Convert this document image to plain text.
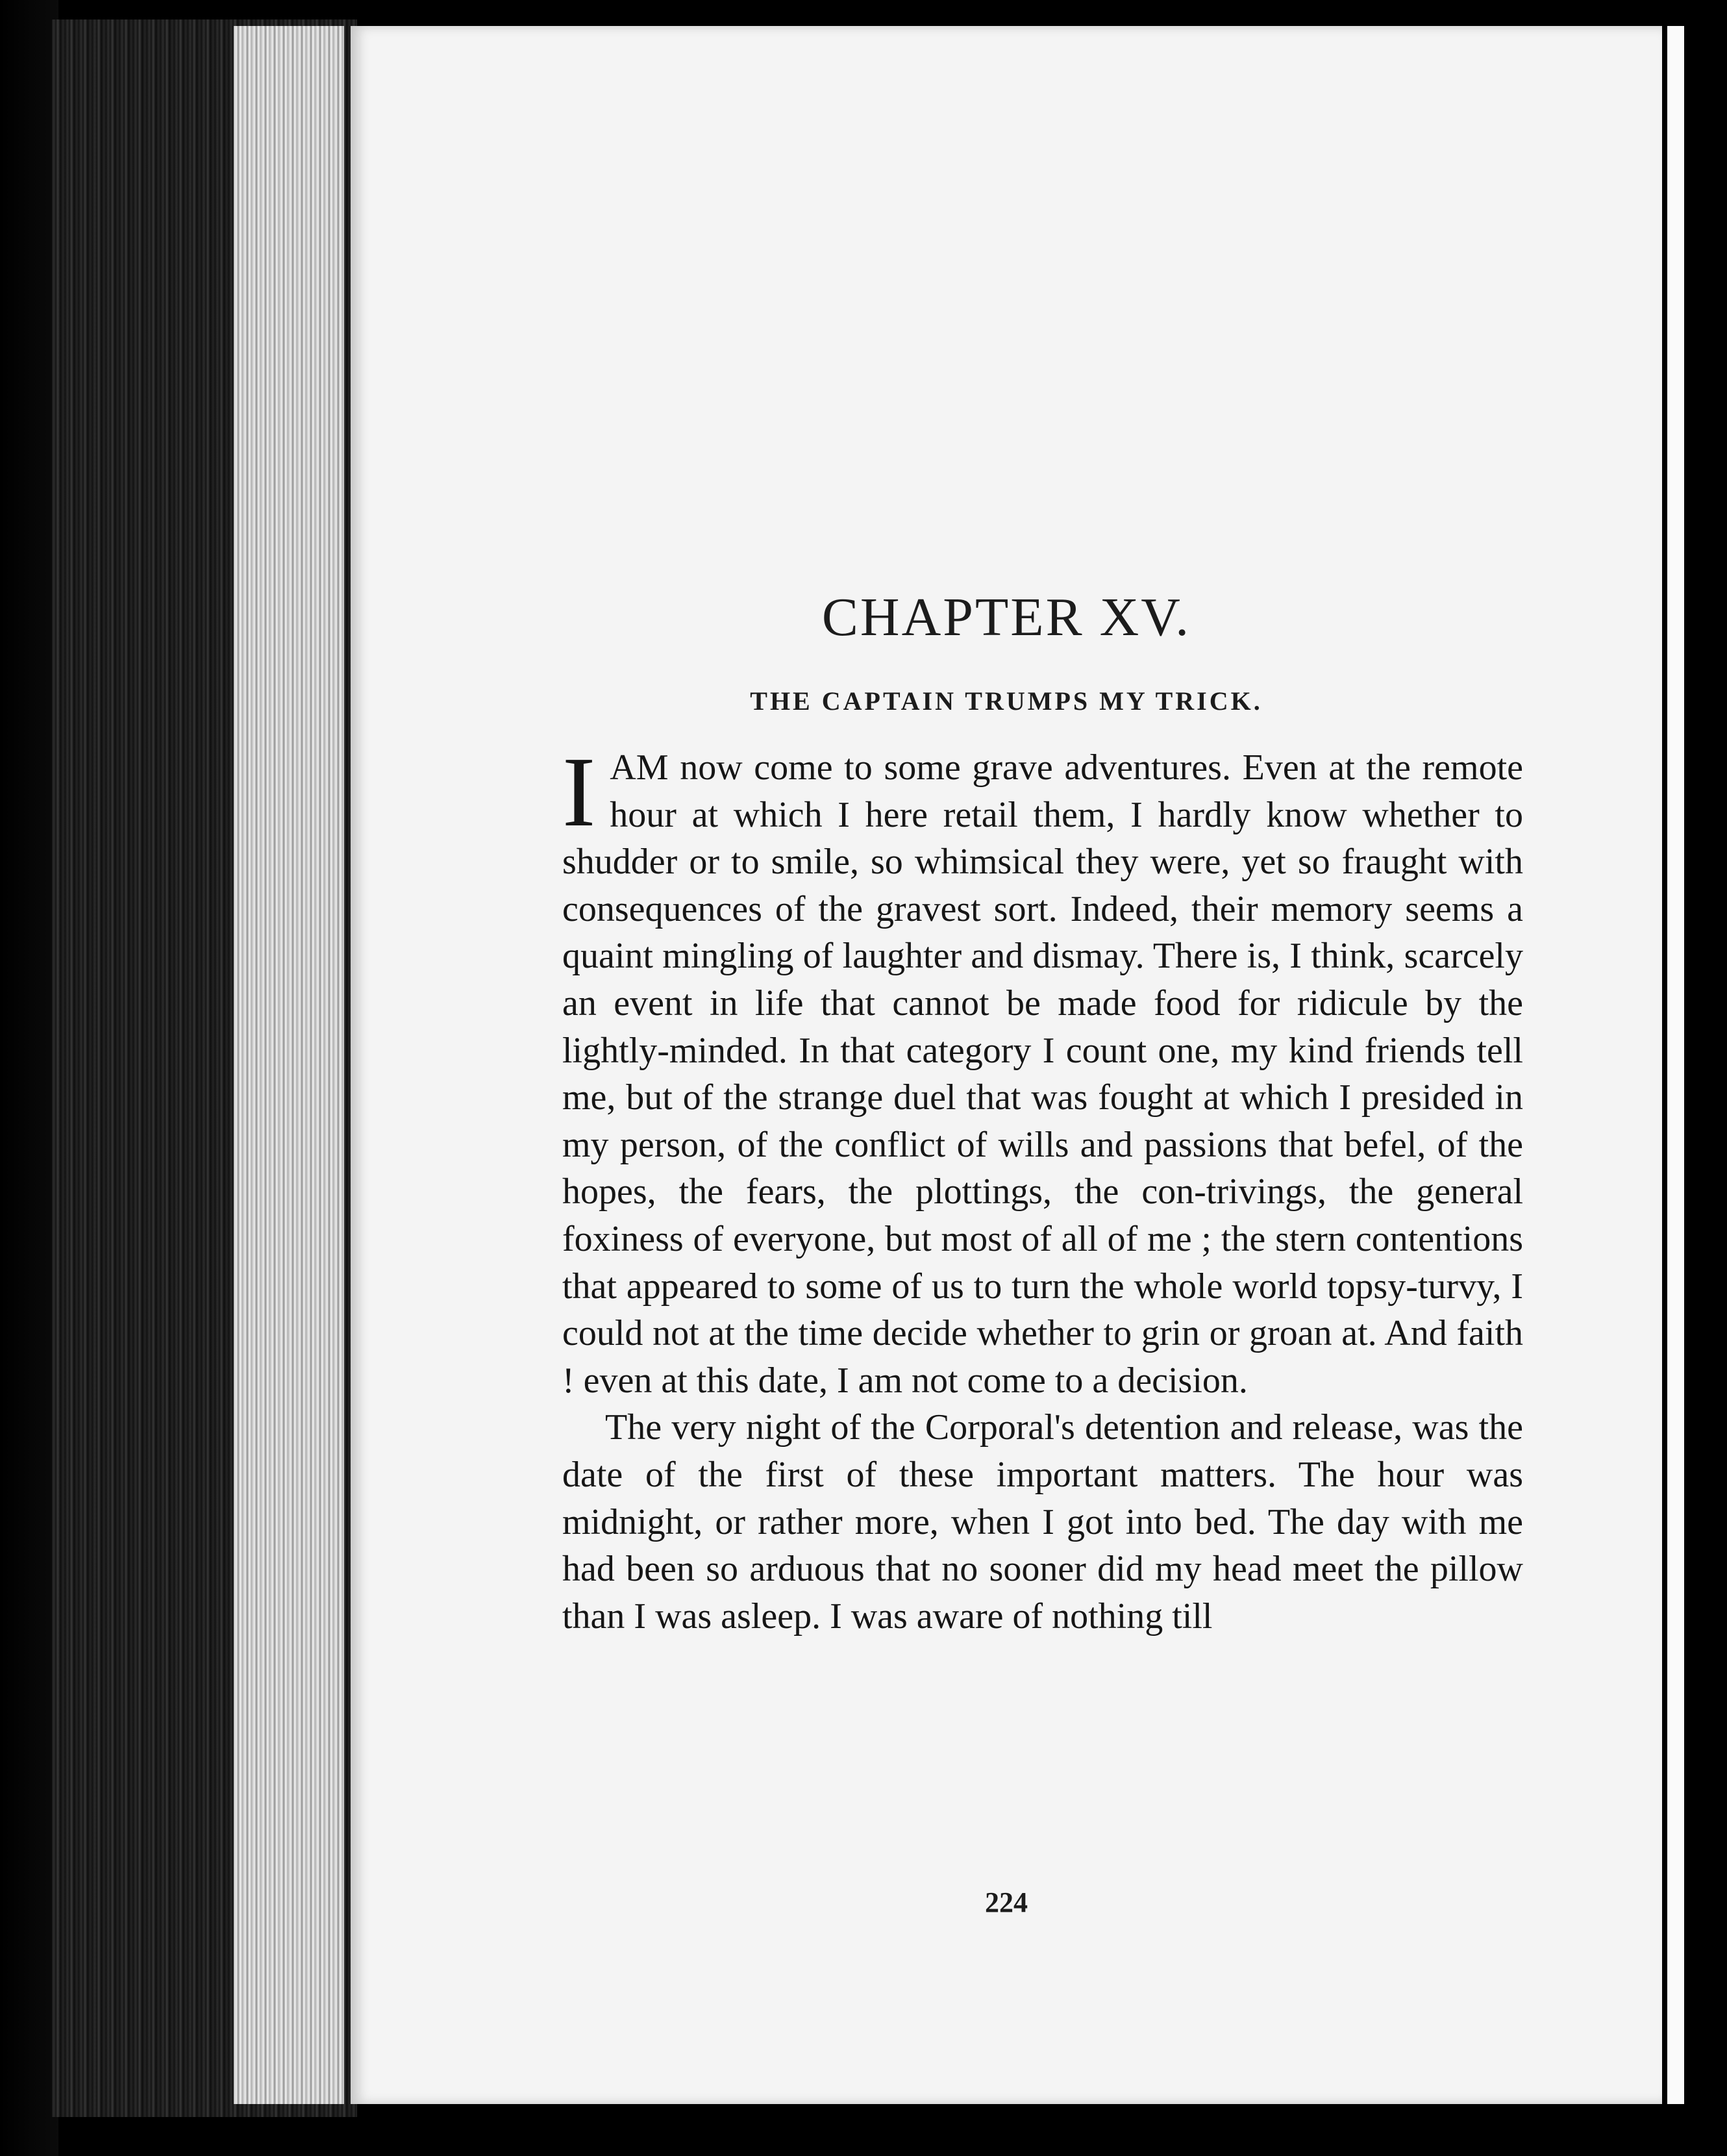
CHAPTER XV.
THE CAPTAIN TRUMPS MY TRICK.

I AM now come to some grave adventures. Even at the remote hour at which I here retail them, I hardly know whether to shudder or to smile, so whimsical they were, yet so fraught with consequences of the gravest sort. Indeed, their memory seems a quaint mingling of laughter and dismay. There is, I think, scarcely an event in life that cannot be made food for ridicule by the lightly-minded. In that category I count one, my kind friends tell me, but of the strange duel that was fought at which I presided in my person, of the conflict of wills and passions that befel, of the hopes, the fears, the plottings, the con-trivings, the general foxiness of everyone, but most of all of me ; the stern contentions that appeared to some of us to turn the whole world topsy-turvy, I could not at the time decide whether to grin or groan at. And faith ! even at this date, I am not come to a decision.

The very night of the Corporal's detention and release, was the date of the first of these important matters. The hour was midnight, or rather more, when I got into bed. The day with me had been so arduous that no sooner did my head meet the pillow than I was asleep. I was aware of nothing till

224
